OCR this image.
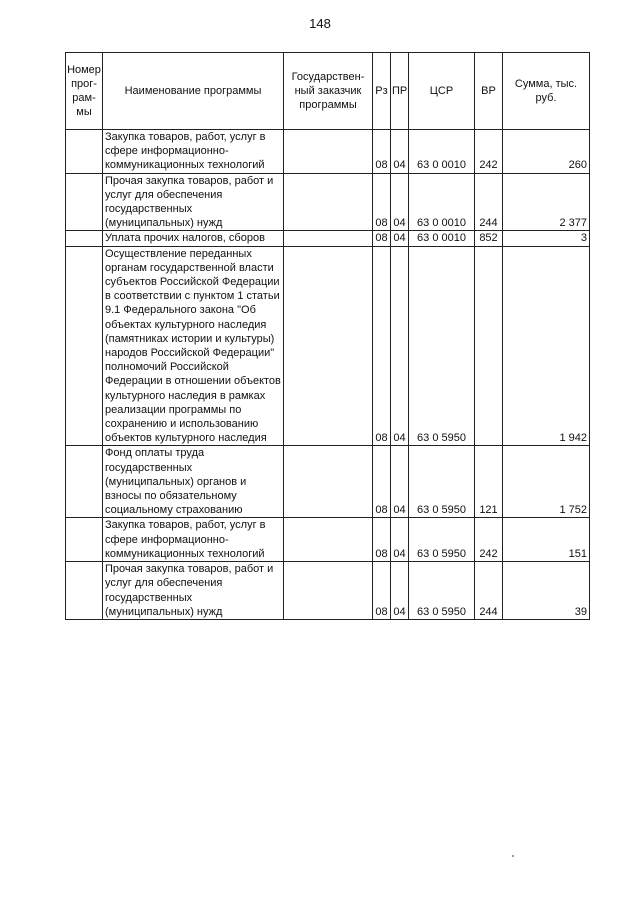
148
Номер прог- рам- мы	Наименование программы	Государствен- ный заказчик программы	Рз	ПР	ЦСР	ВР	Сумма, тыс. руб.
	Закупка товаров, работ, услуг в сфере информационно-коммуникационных технологий		08	04	63 0 0010	242	260
	Прочая закупка товаров, работ и услуг для обеспечения государственных (муниципальных) нужд		08	04	63 0 0010	244	2 377
	Уплата прочих налогов, сборов		08	04	63 0 0010	852	3
	Осуществление переданных органам государственной власти субъектов Российской Федерации в соответствии с пунктом 1 статьи 9.1 Федерального закона "Об объектах культурного наследия (памятниках истории и культуры) народов Российской Федерации" полномочий Российской Федерации в отношении объектов культурного наследия в рамках реализации программы по сохранению и использованию объектов культурного наследия		08	04	63 0 5950		1 942
	Фонд оплаты труда государственных (муниципальных) органов и взносы по обязательному социальному страхованию		08	04	63 0 5950	121	1 752
	Закупка товаров, работ, услуг в сфере информационно-коммуникационных технологий		08	04	63 0 5950	242	151
	Прочая закупка товаров, работ и услуг для обеспечения государственных (муниципальных) нужд		08	04	63 0 5950	244	39
